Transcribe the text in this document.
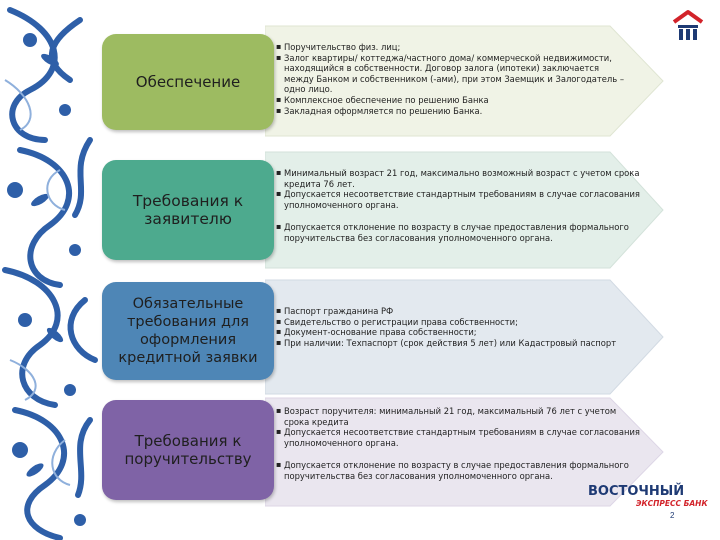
Обеспечение
▪ Поручительство физ. лиц;
▪ Залог квартиры/ коттеджа/частного дома/ коммерческой недвижимости, находящийся в собственности. Договор залога (ипотеки) заключается между Банком и собственником (-ами), при этом Заемщик и Залогодатель – одно лицо.
▪ Комплексное обеспечение по решению Банка
▪ Закладная оформляется по решению Банка.
Требования к заявителю
▪ Минимальный возраст 21 год, максимально возможный возраст с учетом срока кредита 76 лет.
▪ Допускается несоответствие стандартным требованиям в случае согласования уполномоченного органа.
▪ Допускается отклонение по возрасту в случае предоставления формального поручительства без согласования уполномоченного органа.
Обязательные требования для оформления кредитной заявки
▪ Паспорт гражданина РФ
▪ Свидетельство о регистрации права собственности;
▪ Документ-основание права собственности;
▪ При наличии: Техпаспорт (срок действия 5 лет) или Кадастровый паспорт
Требования к поручительству
▪ Возраст поручителя: минимальный 21 год, максимальный 76 лет с учетом срока кредита
▪ Допускается несоответствие стандартным требованиям в случае согласования уполномоченного органа.
▪ Допускается отклонение по возрасту в случае предоставления формального поручительства без согласования уполномоченного органа.
ВОСТОЧНЫЙ
ЭКСПРЕСС БАНК
2
